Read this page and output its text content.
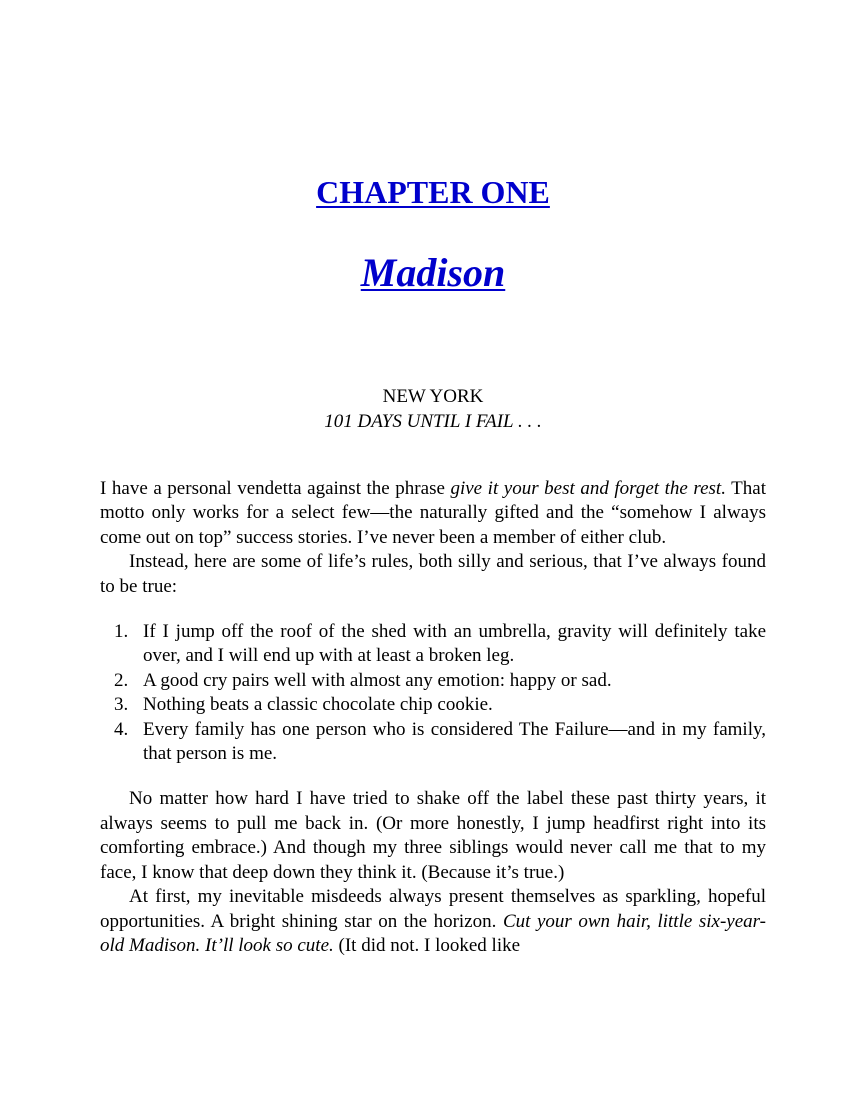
CHAPTER ONE
Madison

NEW YORK

101 DAYS UNTIL I FAIL . . .

I have a personal vendetta against the phrase give it your best and forget the rest. That motto only works for a select few—the naturally gifted and the “somehow I always come out on top” success stories. I’ve never been a member of either club.

Instead, here are some of life’s rules, both silly and serious, that I’ve always found to be true:

1. If I jump off the roof of the shed with an umbrella, gravity will definitely take over, and I will end up with at least a broken leg.
2. A good cry pairs well with almost any emotion: happy or sad.
3. Nothing beats a classic chocolate chip cookie.
4. Every family has one person who is considered The Failure—and in my family, that person is me.

No matter how hard I have tried to shake off the label these past thirty years, it always seems to pull me back in. (Or more honestly, I jump headfirst right into its comforting embrace.) And though my three siblings would never call me that to my face, I know that deep down they think it. (Because it’s true.)

At first, my inevitable misdeeds always present themselves as sparkling, hopeful opportunities. A bright shining star on the horizon. Cut your own hair, little six-year-old Madison. It’ll look so cute. (It did not. I looked like
